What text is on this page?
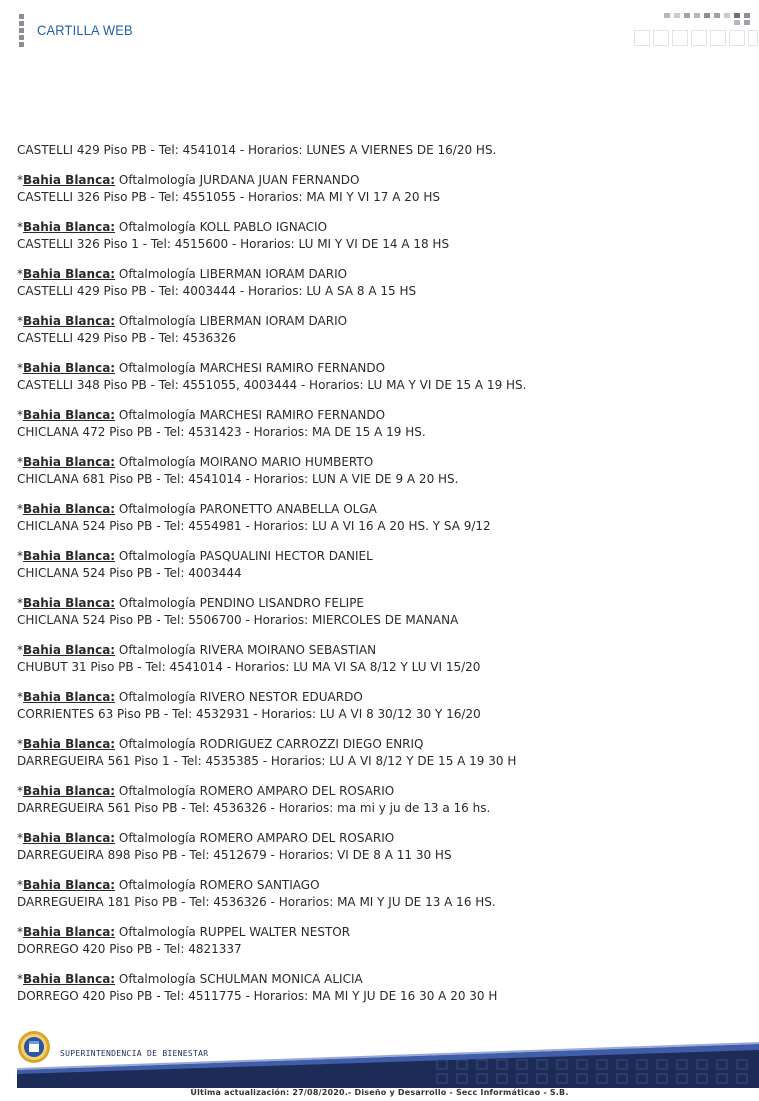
CARTILLA WEB
CASTELLI 429 Piso PB - Tel: 4541014 - Horarios: LUNES A VIERNES DE 16/20 HS.
*Bahia Blanca: Oftalmología JURDANA JUAN FERNANDO
CASTELLI 326 Piso PB - Tel: 4551055 - Horarios: MA MI Y VI 17 A 20 HS
*Bahia Blanca: Oftalmología KOLL PABLO IGNACIO
CASTELLI 326 Piso 1 - Tel: 4515600 - Horarios: LU MI Y VI DE 14 A 18 HS
*Bahia Blanca: Oftalmología LIBERMAN IORAM DARIO
CASTELLI 429 Piso PB - Tel: 4003444 - Horarios: LU A SA 8 A 15 HS
*Bahia Blanca: Oftalmología LIBERMAN IORAM DARIO
CASTELLI 429 Piso PB - Tel: 4536326
*Bahia Blanca: Oftalmología MARCHESI RAMIRO FERNANDO
CASTELLI 348 Piso PB - Tel: 4551055, 4003444 - Horarios: LU MA Y VI DE 15 A 19 HS.
*Bahia Blanca: Oftalmología MARCHESI RAMIRO FERNANDO
CHICLANA 472 Piso PB - Tel: 4531423 - Horarios: MA DE 15 A 19 HS.
*Bahia Blanca: Oftalmología MOIRANO MARIO HUMBERTO
CHICLANA 681 Piso PB - Tel: 4541014 - Horarios: LUN A VIE DE 9 A 20 HS.
*Bahia Blanca: Oftalmología PARONETTO ANABELLA OLGA
CHICLANA 524 Piso PB - Tel: 4554981 - Horarios: LU A VI 16 A 20 HS. Y SA 9/12
*Bahia Blanca: Oftalmología PASQUALINI HECTOR DANIEL
CHICLANA 524 Piso PB - Tel: 4003444
*Bahia Blanca: Oftalmología PENDINO LISANDRO FELIPE
CHICLANA 524 Piso PB - Tel: 5506700 - Horarios: MIERCOLES DE MANANA
*Bahia Blanca: Oftalmología RIVERA MOIRANO SEBASTIAN
CHUBUT 31 Piso PB - Tel: 4541014 - Horarios: LU MA VI SA 8/12 Y LU VI 15/20
*Bahia Blanca: Oftalmología RIVERO NESTOR EDUARDO
CORRIENTES 63 Piso PB - Tel: 4532931 - Horarios: LU A VI 8 30/12 30 Y 16/20
*Bahia Blanca: Oftalmología RODRIGUEZ CARROZZI DIEGO ENRIQ
DARREGUEIRA 561 Piso 1 - Tel: 4535385 - Horarios: LU A VI 8/12 Y DE 15 A 19 30 H
*Bahia Blanca: Oftalmología ROMERO AMPARO DEL ROSARIO
DARREGUEIRA 561 Piso PB - Tel: 4536326 - Horarios: ma mi y ju de 13 a 16 hs.
*Bahia Blanca: Oftalmología ROMERO AMPARO DEL ROSARIO
DARREGUEIRA 898 Piso PB - Tel: 4512679 - Horarios: VI DE 8 A 11 30 HS
*Bahia Blanca: Oftalmología ROMERO SANTIAGO
DARREGUEIRA 181 Piso PB - Tel: 4536326 - Horarios: MA MI Y JU DE 13 A 16 HS.
*Bahia Blanca: Oftalmología RUPPEL WALTER NESTOR
DORREGO 420 Piso PB - Tel: 4821337
*Bahia Blanca: Oftalmología SCHULMAN MONICA ALICIA
DORREGO 420 Piso PB - Tel: 4511775 - Horarios: MA MI Y JU DE 16 30 A 20 30 H
SUPERINTENDENCIA DE BIENESTAR
Última actualización: 27/08/2020.- Diseño y Desarrollo - Secc Informáticao - S.B.
